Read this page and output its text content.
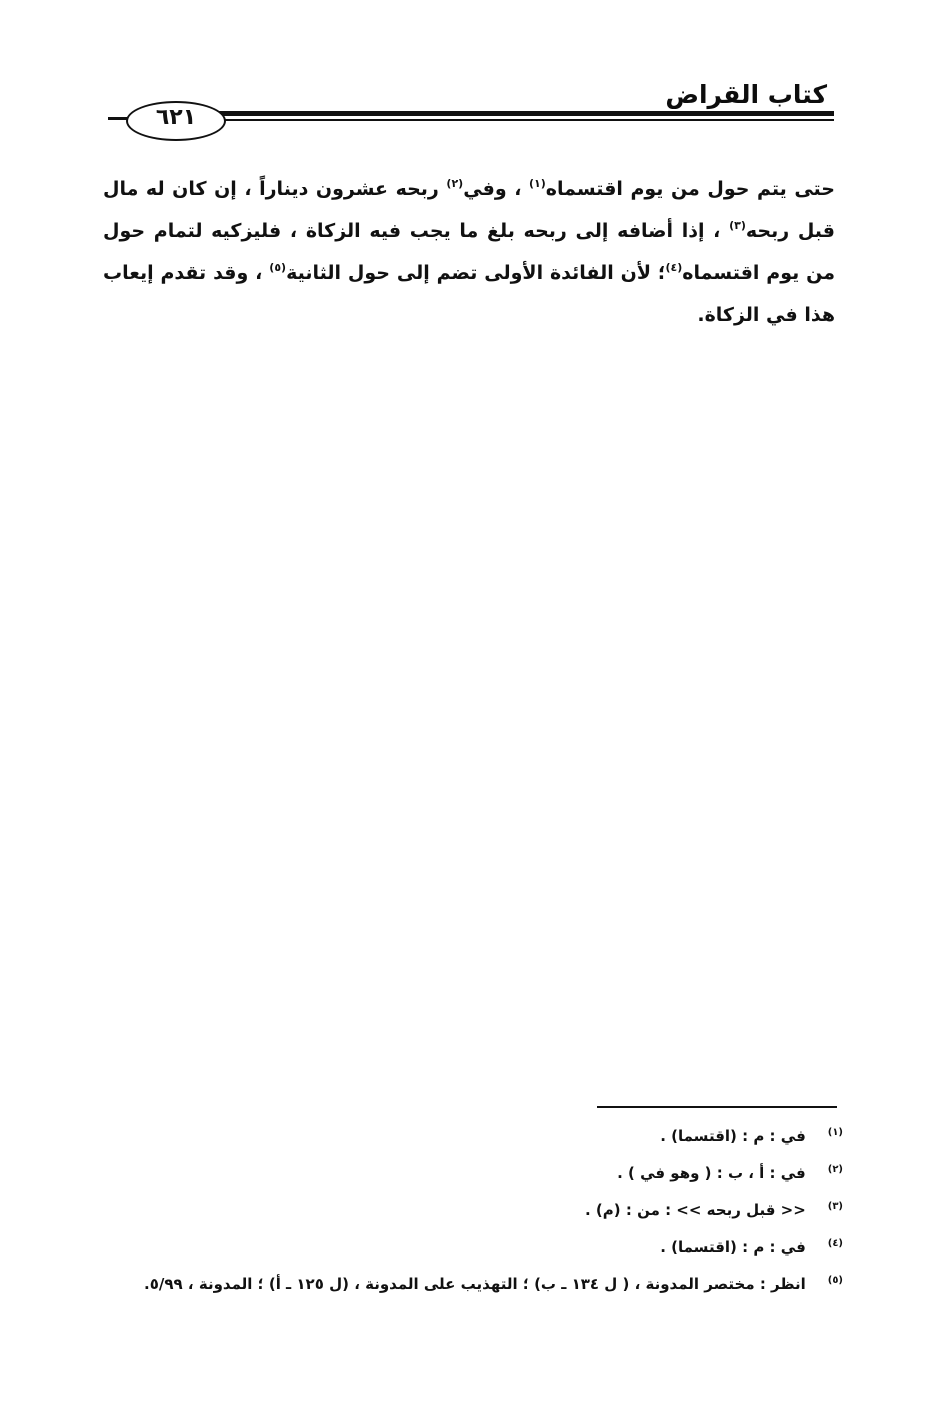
كتاب القراض
٦٢١

حتى يتم حول من يوم اقتسماه$^{(١)}$ ، وفي$^{(٢)}$ ربحه عشرون ديناراً ، إن كان له مال قبل ربحه$^{(٣)}$ ، إذا أضافه إلى ربحه بلغ ما يجب فيه الزكاة ، فليزكيه لتمام حول من يوم اقتسماه$^{(٤)}$؛ لأن الفائدة الأولى تضم إلى حول الثانية$^{(٥)}$ ، وقد تقدم إيعاب هذا في الزكاة.

(١) في : م : (اقتسما) .
(٢) في : أ ، ب : ( وهو في ) .
(٣) << قبل ربحه >> : من : (م) .
(٤) في : م : (اقتسما) .
(٥) انظر : مختصر المدونة ، ( ل ١٣٤ ـ ب) ؛ التهذيب على المدونة ، (ل ١٢٥ ـ أ) ؛ المدونة ، ٥/٩٩.
